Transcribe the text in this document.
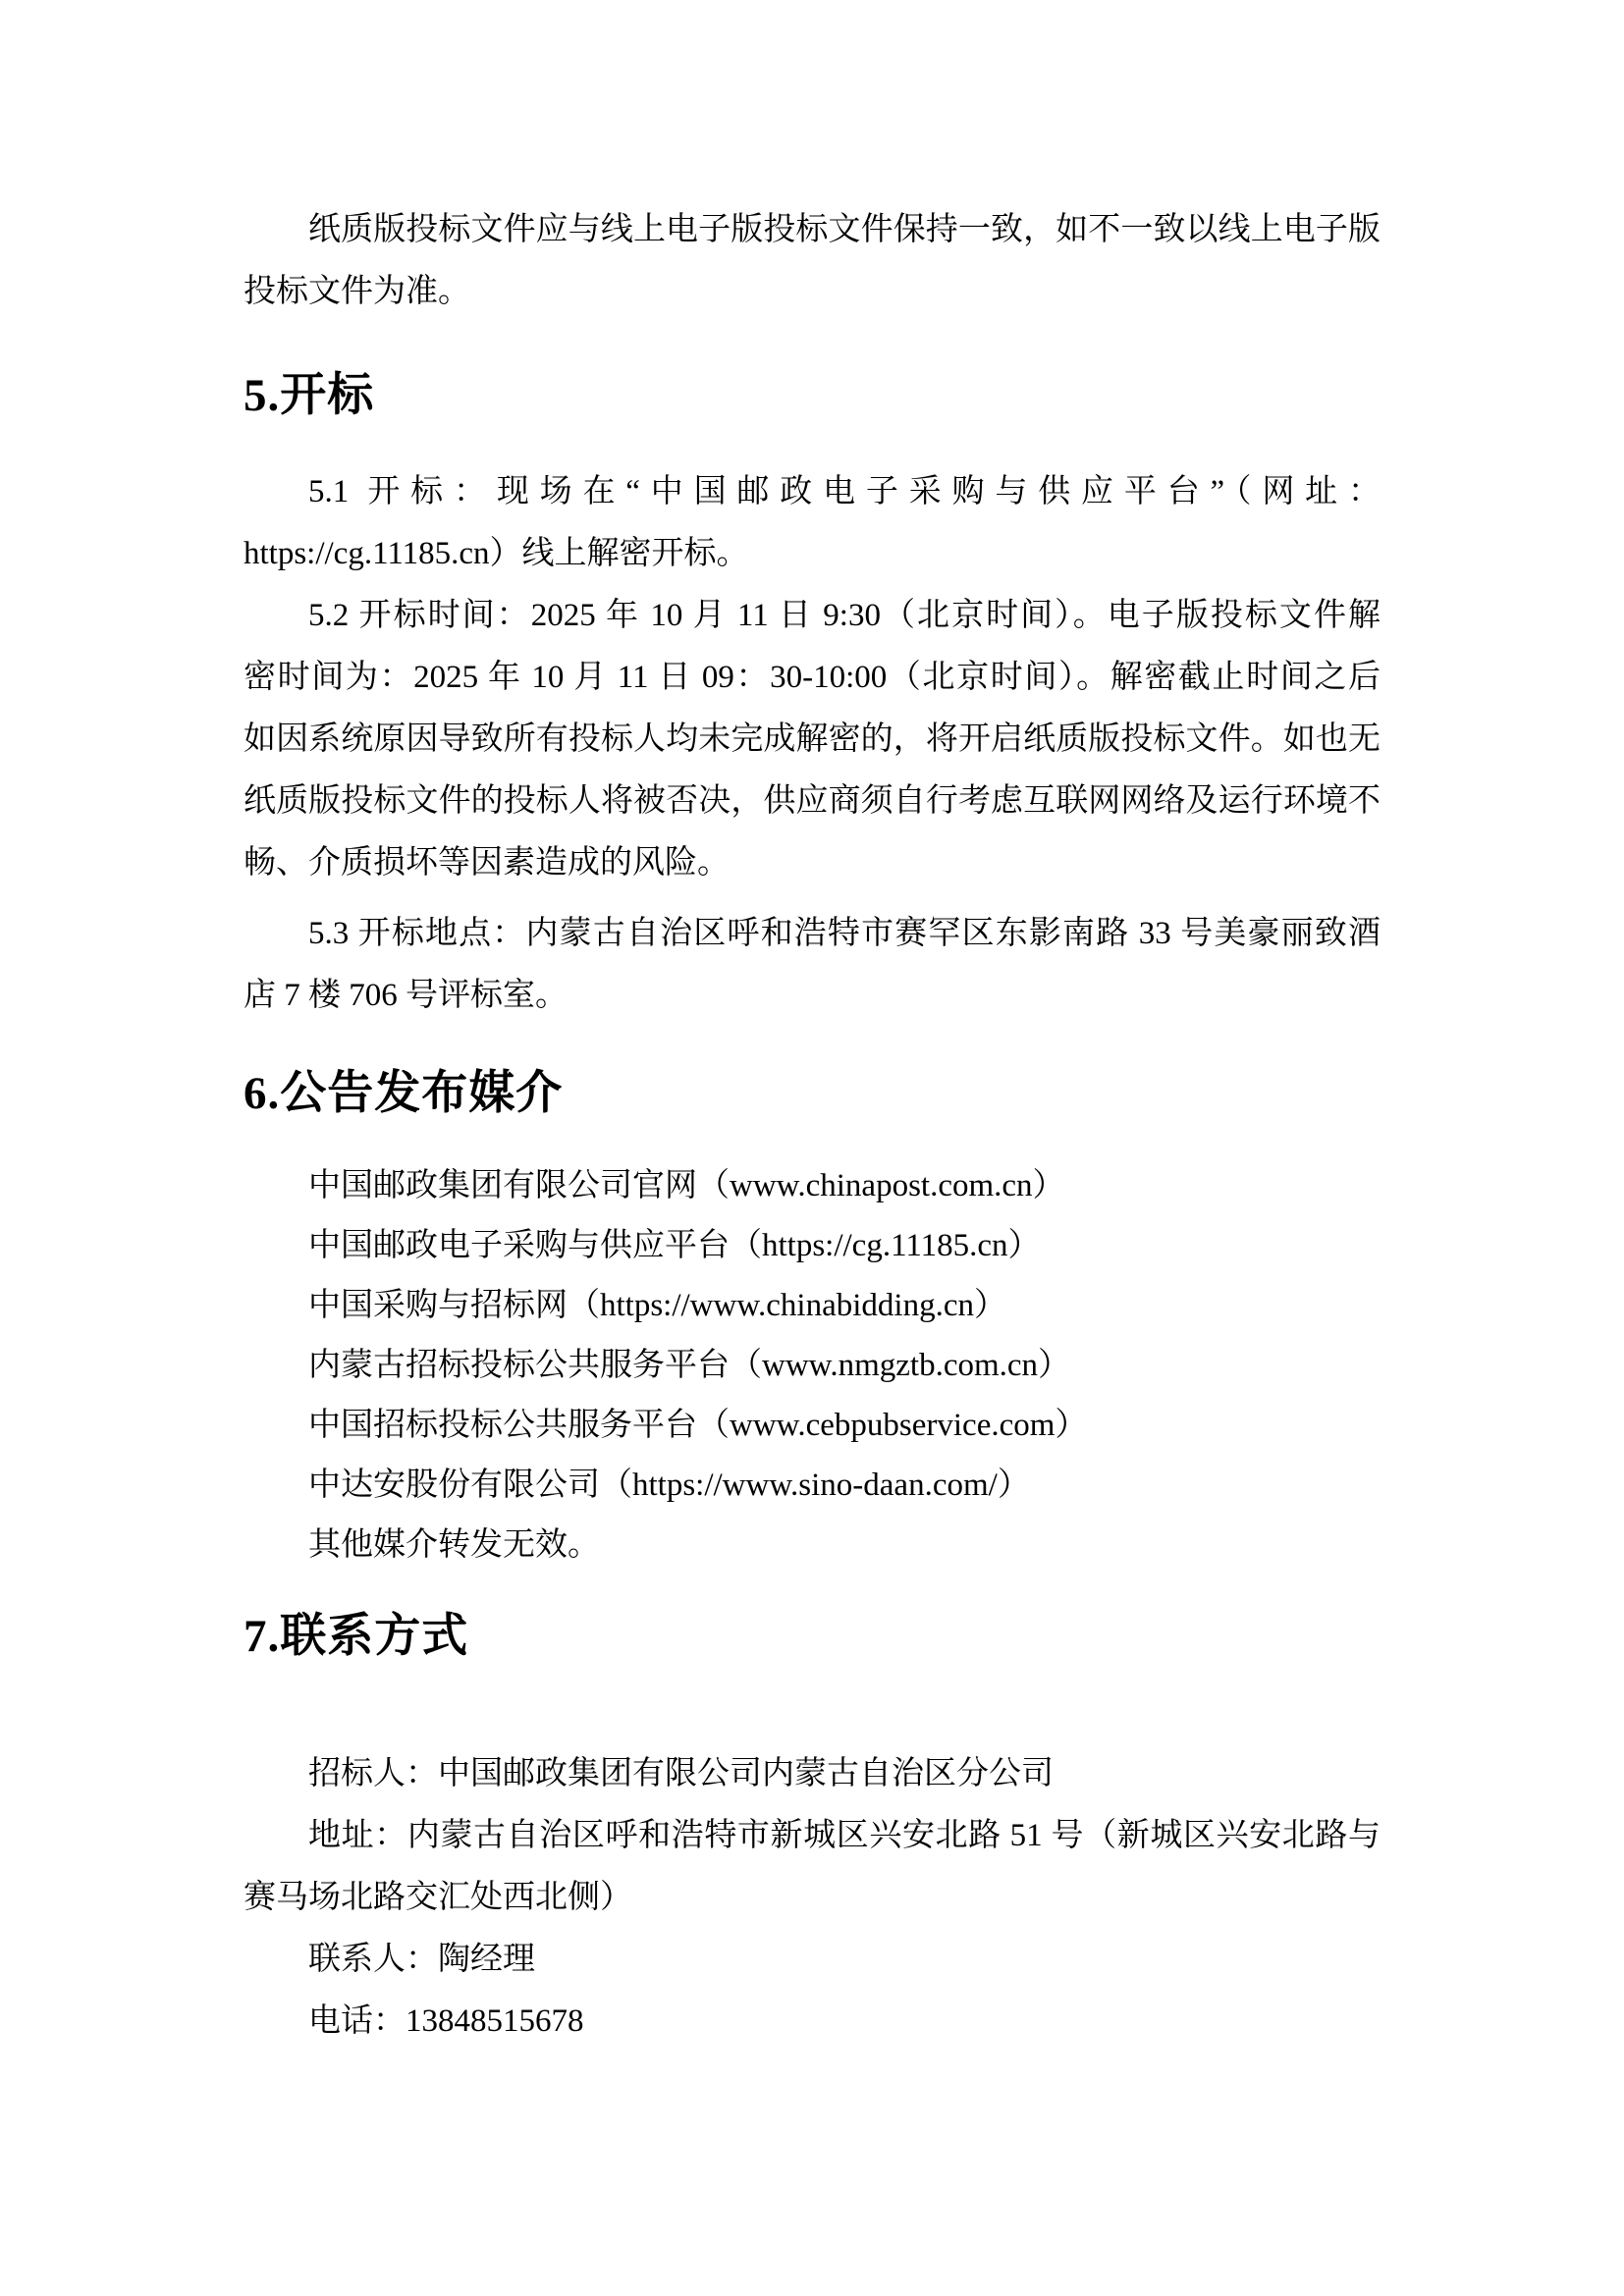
纸质版投标文件应与线上电子版投标文件保持一致，如不一致以线上电子版
投标文件为准。
5.开标
5.1 开标：现场在“中国邮政电子采购与供应平台”（网址：
https://cg.11185.cn）线上解密开标。
5.2 开标时间：2025 年 10 月 11 日 9:30（北京时间）。电子版投标文件解
密时间为：2025 年 10 月 11 日 09：30-10:00（北京时间）。解密截止时间之后
如因系统原因导致所有投标人均未完成解密的，将开启纸质版投标文件。如也无
纸质版投标文件的投标人将被否决，供应商须自行考虑互联网网络及运行环境不
畅、介质损坏等因素造成的风险。
5.3 开标地点：内蒙古自治区呼和浩特市赛罕区东影南路 33 号美豪丽致酒
店 7 楼 706 号评标室。
6.公告发布媒介
中国邮政集团有限公司官网（www.chinapost.com.cn）
中国邮政电子采购与供应平台（https://cg.11185.cn）
中国采购与招标网（https://www.chinabidding.cn）
内蒙古招标投标公共服务平台（www.nmgztb.com.cn）
中国招标投标公共服务平台（www.cebpubservice.com）
中达安股份有限公司（https://www.sino-daan.com/）
其他媒介转发无效。
7.联系方式
招标人：中国邮政集团有限公司内蒙古自治区分公司
地址：内蒙古自治区呼和浩特市新城区兴安北路 51 号（新城区兴安北路与
赛马场北路交汇处西北侧）
联系人：陶经理
电话：13848515678
